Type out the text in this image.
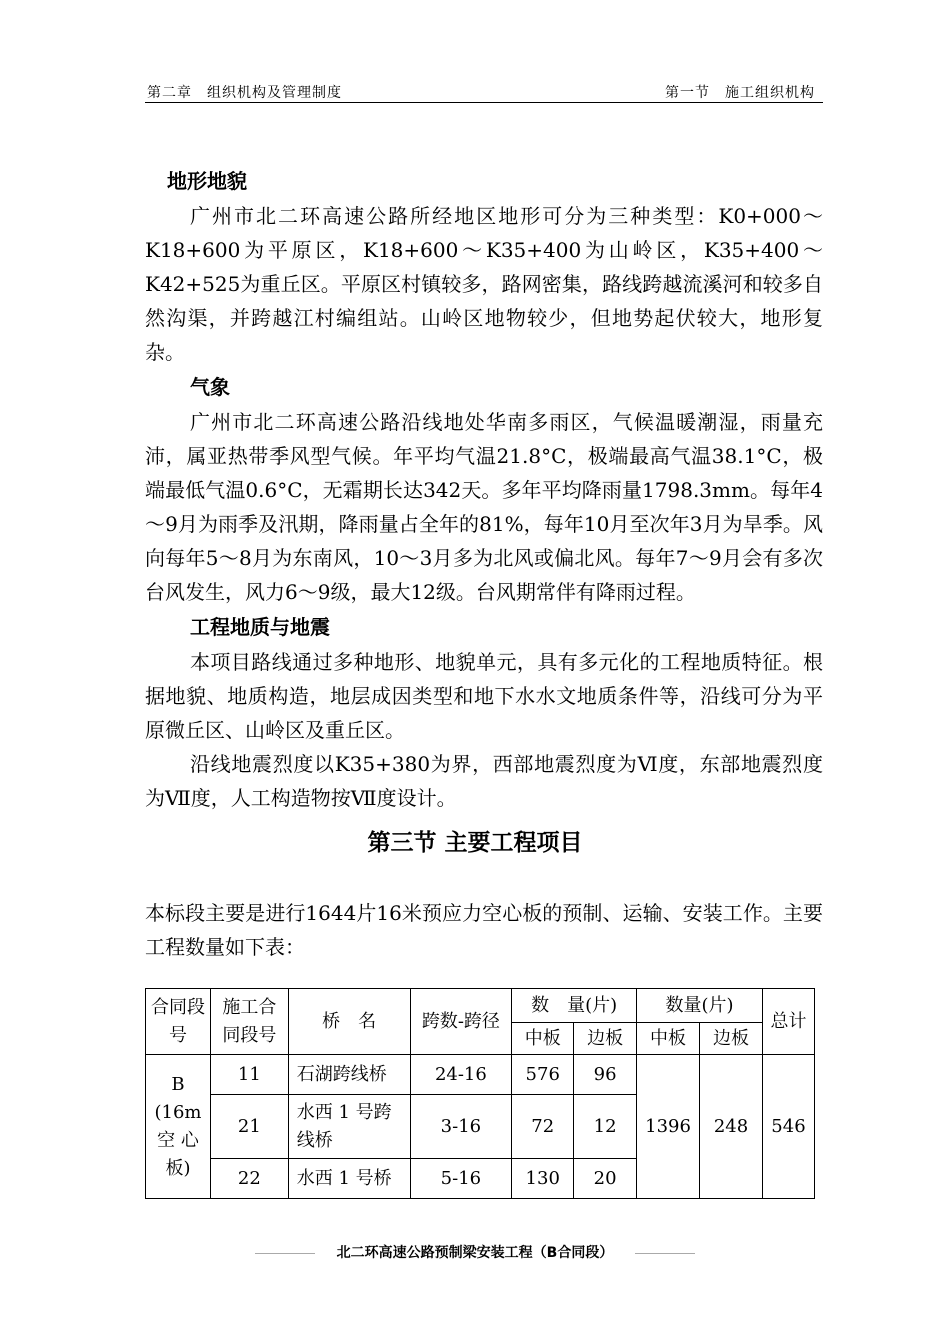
第二章　组织机构及管理制度	第一节　施工组织机构
地形地貌

广州市北二环高速公路所经地区地形可分为三种类型：K0+000～K18+600为平原区，K18+600～K35+400为山岭区，K35+400～K42+525为重丘区。平原区村镇较多，路网密集，路线跨越流溪河和较多自然沟渠，并跨越江村编组站。山岭区地物较少，但地势起伏较大，地形复杂。

气象

广州市北二环高速公路沿线地处华南多雨区，气候温暖潮湿，雨量充沛，属亚热带季风型气候。年平均气温21.8°C，极端最高气温38.1°C，极端最低气温0.6°C，无霜期长达342天。多年平均降雨量1798.3mm。每年4～9月为雨季及汛期，降雨量占全年的81%，每年10月至次年3月为旱季。风向每年5～8月为东南风，10～3月多为北风或偏北风。每年7～9月会有多次台风发生，风力6～9级，最大12级。台风期常伴有降雨过程。

工程地质与地震

本项目路线通过多种地形、地貌单元，具有多元化的工程地质特征。根据地貌、地质构造，地层成因类型和地下水水文地质条件等，沿线可分为平原微丘区、山岭区及重丘区。

沿线地震烈度以K35+380为界，西部地震烈度为Ⅵ度，东部地震烈度为Ⅶ度，人工构造物按Ⅶ度设计。

第三节 主要工程项目

本标段主要是进行1644片16米预应力空心板的预制、运输、安装工作。主要工程数量如下表：

合同段号	施工合同段号	桥　名	跨数-跨径	数　量(片)		数量(片)		总计
				中板	边板	中板	边板	
B (16m 空 心 板)	11	石湖跨线桥	24-16	576	96	1396	248	546
	21	水西 1 号跨线桥	3-16	72	12			
	22	水西 1 号桥	5-16	130	20			
北二环高速公路预制梁安装工程（B合同段）
